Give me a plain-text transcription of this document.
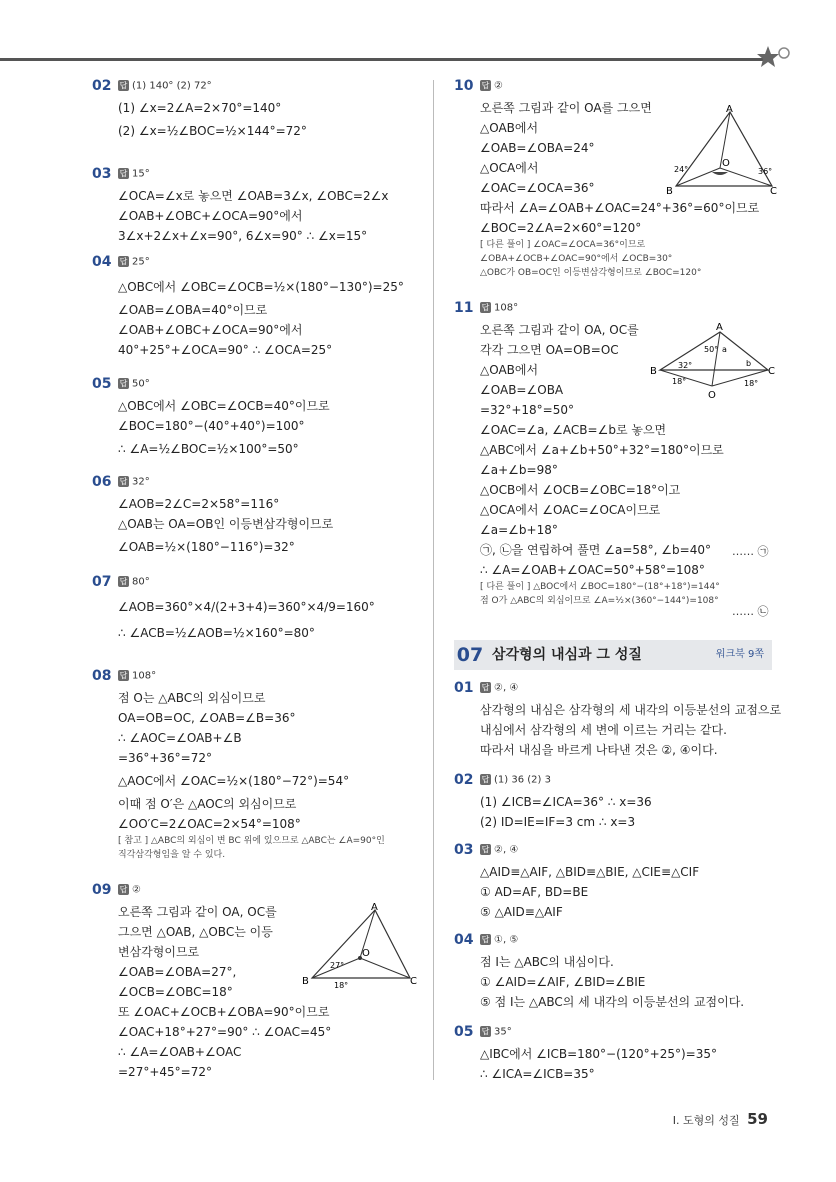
02 답 (1) 140° (2) 72°
(1) ∠x=2∠A=2×70°=140°
(2) ∠x=½∠BOC=½×144°=72°
03 답 15°
∠OCA=∠x로 놓으면 ∠OAB=3∠x, ∠OBC=2∠x
∠OAB+∠OBC+∠OCA=90°에서
3∠x+2∠x+∠x=90°, 6∠x=90° ∴ ∠x=15°
04 답 25°
△OBC에서 ∠OBC=∠OCB=½×(180°−130°)=25°
∠OAB=∠OBA=40°이므로
∠OAB+∠OBC+∠OCA=90°에서
40°+25°+∠OCA=90° ∴ ∠OCA=25°
05 답 50°
△OBC에서 ∠OBC=∠OCB=40°이므로
∠BOC=180°−(40°+40°)=100°
∴ ∠A=½∠BOC=½×100°=50°
06 답 32°
∠AOB=2∠C=2×58°=116°
△OAB는 OA=OB인 이등변삼각형이므로
∠OAB=½×(180°−116°)=32°
07 답 80°
∠AOB=360°×4/(2+3+4)=360°×4/9=160°
∴ ∠ACB=½∠AOB=½×160°=80°
08 답 108°
점 O는 △ABC의 외심이므로
OA=OB=OC, ∠OAB=∠B=36°
∴ ∠AOC=∠OAB+∠B
=36°+36°=72°
△AOC에서 ∠OAC=½×(180°−72°)=54°
이때 점 O′은 △AOC의 외심이므로
∠OO′C=2∠OAC=2×54°=108°
[ 참고 ] △ABC의 외심이 변 BC 위에 있으므로 △ABC는 ∠A=90°인
직각삼각형임을 알 수 있다.
09 답 ②
오른쪽 그림과 같이 OA, OC를
그으면 △OAB, △OBC는 이등
변삼각형이므로
∠OAB=∠OBA=27°,
∠OCB=∠OBC=18°
또 ∠OAC+∠OCB+∠OBA=90°이므로
∠OAC+18°+27°=90° ∴ ∠OAC=45°
∴ ∠A=∠OAB+∠OAC
=27°+45°=72°
10 답 ②
오른쪽 그림과 같이 OA를 그으면
△OAB에서
∠OAB=∠OBA=24°
△OCA에서
∠OAC=∠OCA=36°
따라서 ∠A=∠OAB+∠OAC=24°+36°=60°이므로
∠BOC=2∠A=2×60°=120°
[ 다른 풀이 ] ∠OAC=∠OCA=36°이므로
∠OBA+∠OCB+∠OAC=90°에서 ∠OCB=30°
△OBC가 OB=OC인 이등변삼각형이므로 ∠BOC=120°
11 답 108°
오른쪽 그림과 같이 OA, OC를
각각 그으면 OA=OB=OC
△OAB에서
∠OAB=∠OBA
=32°+18°=50°
∠OAC=∠a, ∠ACB=∠b로 놓으면
△ABC에서 ∠a+∠b+50°+32°=180°이므로
∠a+∠b=98°
△OCB에서 ∠OCB=∠OBC=18°이고
△OCA에서 ∠OAC=∠OCA이므로
∠a=∠b+18°
㉠, ㉡을 연립하여 풀면 ∠a=58°, ∠b=40°
∴ ∠A=∠OAB+∠OAC=50°+58°=108°
[ 다른 풀이 ] △BOC에서 ∠BOC=180°−(18°+18°)=144°
점 O가 △ABC의 외심이므로 ∠A=½×(360°−144°)=108°
01 답 ②, ④
삼각형의 내심은 삼각형의 세 내각의 이등분선의 교점으로
내심에서 삼각형의 세 변에 이르는 거리는 같다.
따라서 내심을 바르게 나타낸 것은 ②, ④이다.
02 답 (1) 36 (2) 3
(1) ∠ICB=∠ICA=36° ∴ x=36
(2) ID=IE=IF=3 cm ∴ x=3
03 답 ②, ④
△AID≡△AIF, △BID≡△BIE, △CIE≡△CIF
① AD=AF, BD=BE
⑤ △AID≡△AIF
04 답 ①, ⑤
점 I는 △ABC의 내심이다.
① ∠AID=∠AIF, ∠BID=∠BIE
⑤ 점 I는 △ABC의 세 내각의 이등분선의 교점이다.
05 답 35°
△IBC에서 ∠ICB=180°−(120°+25°)=35°
∴ ∠ICA=∠ICB=35°
…… ㉠
…… ㉡
07 삼각형의 내심과 그 성질	워크북 9쪽
A
B	C
O
27°
18°
A
B	C
O
24°	36°
A
B	C
O
50° a
b
32°
18°	18°
Ⅰ. 도형의 성질 59
